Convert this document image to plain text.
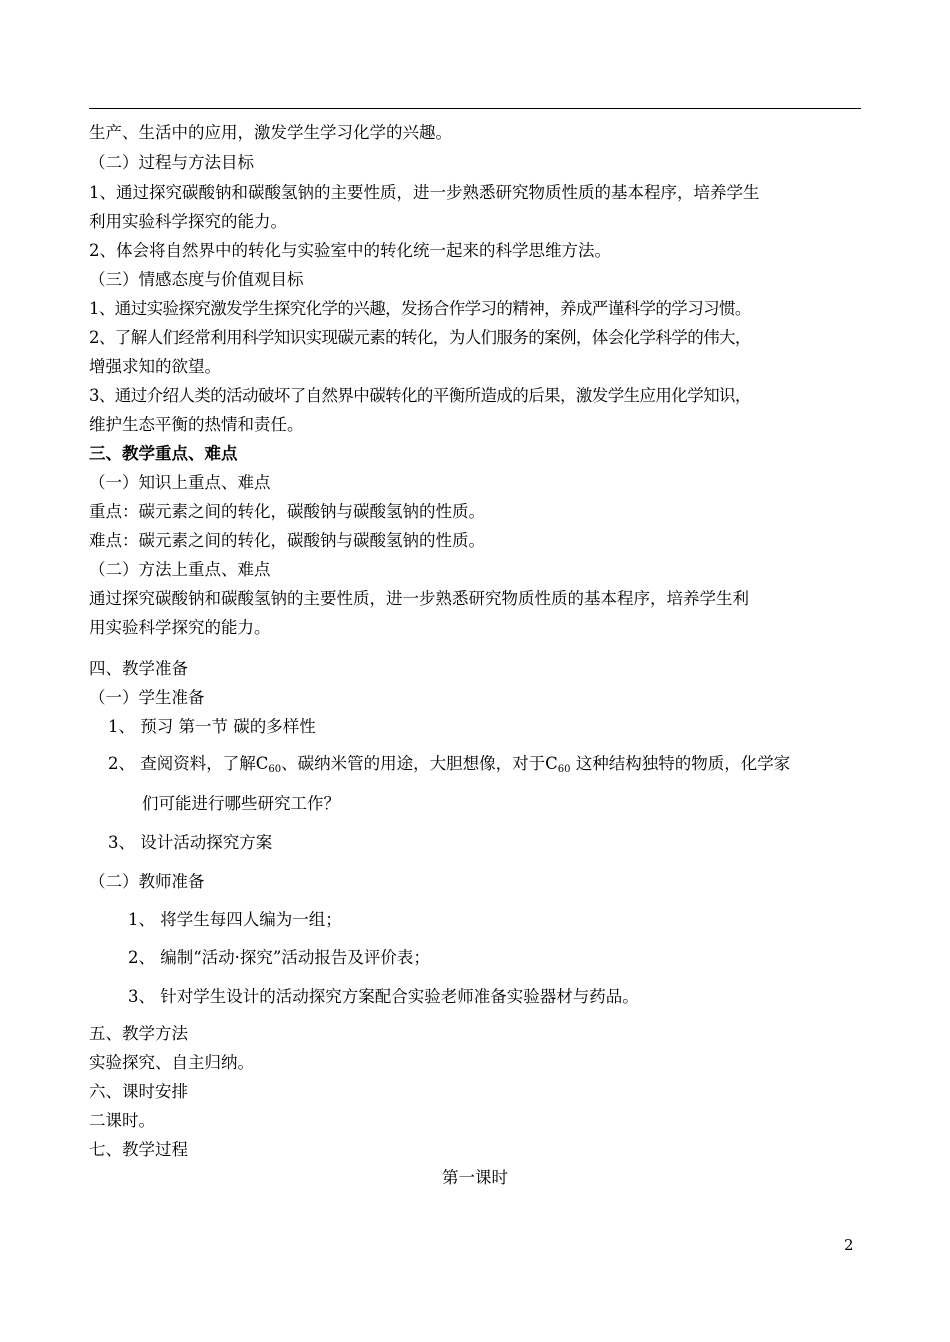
生产、生活中的应用，激发学生学习化学的兴趣。
（二）过程与方法目标
1、通过探究碳酸钠和碳酸氢钠的主要性质，进一步熟悉研究物质性质的基本程序，培养学生
利用实验科学探究的能力。
2、体会将自然界中的转化与实验室中的转化统一起来的科学思维方法。
（三）情感态度与价值观目标
1、通过实验探究激发学生探究化学的兴趣，发扬合作学习的精神，养成严谨科学的学习习惯。
2、了解人们经常利用科学知识实现碳元素的转化，为人们服务的案例，体会化学科学的伟大，
增强求知的欲望。
3、通过介绍人类的活动破坏了自然界中碳转化的平衡所造成的后果，激发学生应用化学知识，
维护生态平衡的热情和责任。
三、教学重点、难点
（一）知识上重点、难点
重点：碳元素之间的转化，碳酸钠与碳酸氢钠的性质。
难点：碳元素之间的转化，碳酸钠与碳酸氢钠的性质。
（二）方法上重点、难点
通过探究碳酸钠和碳酸氢钠的主要性质，进一步熟悉研究物质性质的基本程序，培养学生利
用实验科学探究的能力。
四、教学准备
（一）学生准备
1、 预习 第一节 碳的多样性
2、 查阅资料，了解C60、碳纳米管的用途，大胆想像，对于C60 这种结构独特的物质，化学家
们可能进行哪些研究工作？
3、 设计活动探究方案
（二）教师准备
1、 将学生每四人编为一组；
2、 编制“活动·探究”活动报告及评价表；
3、 针对学生设计的活动探究方案配合实验老师准备实验器材与药品。
五、教学方法
实验探究、自主归纳。
六、课时安排
二课时。
七、教学过程
第一课时
2
